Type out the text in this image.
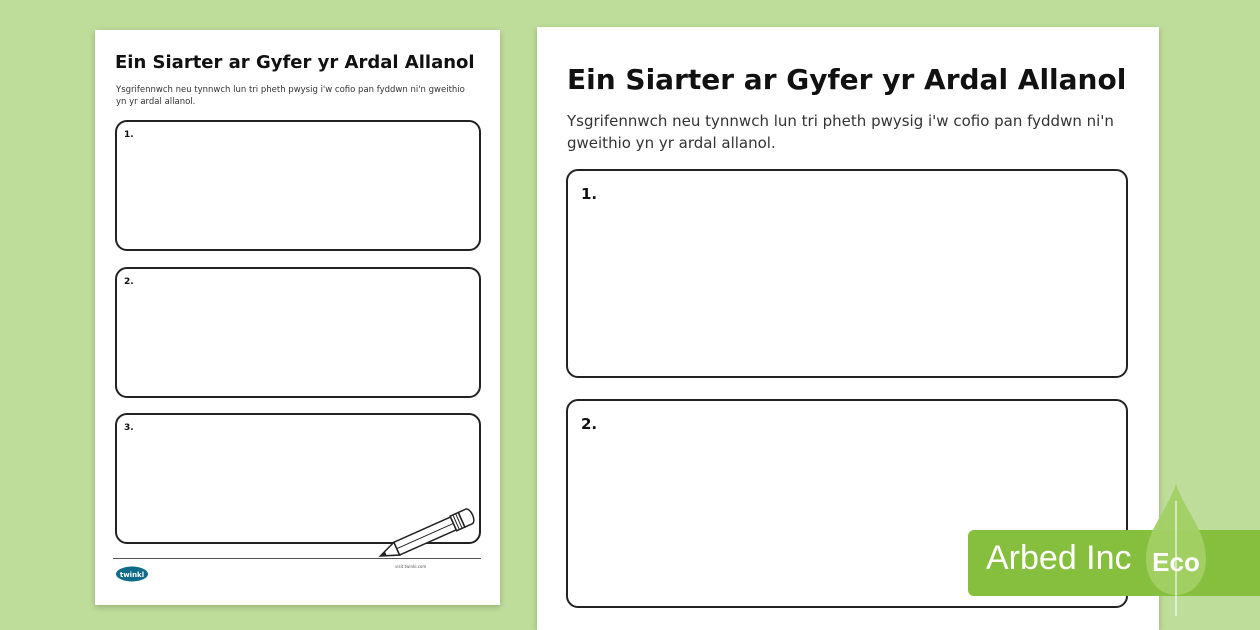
Ein Siarter ar Gyfer yr Ardal Allanol
Ysgrifennwch neu tynnwch lun tri pheth pwysig i'w cofio pan fyddwn ni'n gweithio yn yr ardal allanol.
1.
2.
3.
twinkl
visit twinkl.com
Ein Siarter ar Gyfer yr Ardal Allanol
Ysgrifennwch neu tynnwch lun tri pheth pwysig i'w cofio pan fyddwn ni'n
gweithio yn yr ardal allanol.
1.
2.
Arbed Inc Eco
